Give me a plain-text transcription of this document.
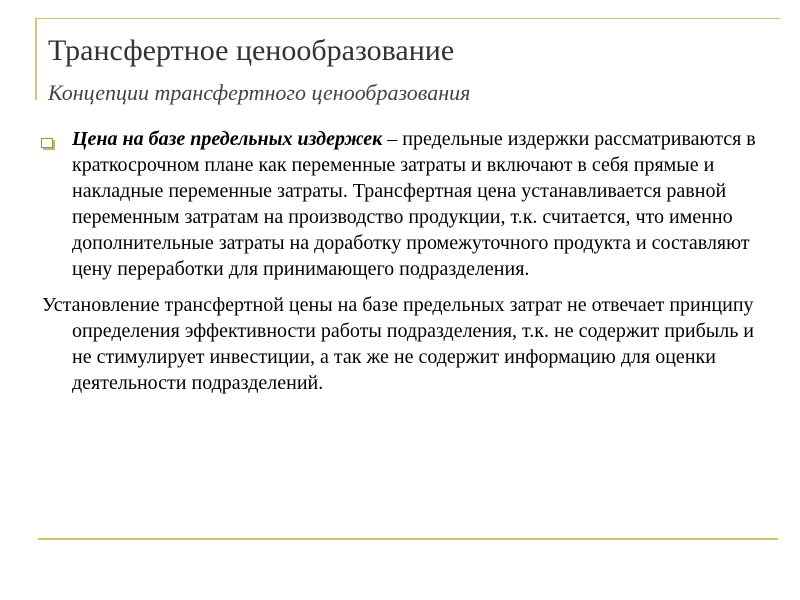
Трансфертное ценообразование
Концепции трансфертного ценообразования
Цена на базе предельных издержек – предельные издержки рассматриваются в краткосрочном плане как переменные затраты и включают в себя прямые и накладные переменные затраты. Трансфертная цена устанавливается равной переменным затратам на производство продукции, т.к. считается, что именно дополнительные затраты на доработку промежуточного продукта и составляют цену переработки для принимающего подразделения.
Установление трансфертной цены на базе предельных затрат не отвечает принципу определения эффективности работы подразделения, т.к. не содержит прибыль и не стимулирует инвестиции, а так же не содержит информацию для оценки деятельности подразделений.
